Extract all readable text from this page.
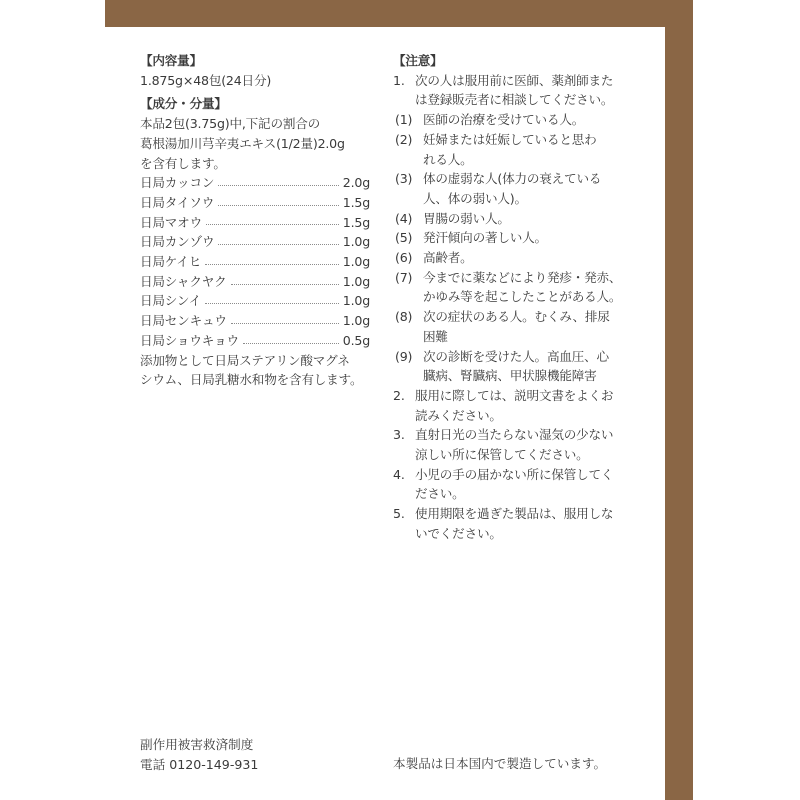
【内容量】
1.875g×48包(24日分)
【成分・分量】
本品2包(3.75g)中,下記の割合の
葛根湯加川芎辛夷エキス(1/2量)2.0g
を含有します。
日局カッコン	2.0g
日局タイソウ	1.5g
日局マオウ	1.5g
日局カンゾウ	1.0g
日局ケイヒ	1.0g
日局シャクヤク	1.0g
日局シンイ	1.0g
日局センキュウ	1.0g
日局ショウキョウ	0.5g
添加物として日局ステアリン酸マグネ
シウム、日局乳糖水和物を含有します。
【注意】
1. 次の人は服用前に医師、薬剤師また
は登録販売者に相談してください。
(1) 医師の治療を受けている人。
(2) 妊婦または妊娠していると思わ
れる人。
(3) 体の虚弱な人(体力の衰えている
人、体の弱い人)。
(4) 胃腸の弱い人。
(5) 発汗傾向の著しい人。
(6) 高齢者。
(7) 今までに薬などにより発疹・発赤、
かゆみ等を起こしたことがある人。
(8) 次の症状のある人。むくみ、排尿
困難
(9) 次の診断を受けた人。高血圧、心
臓病、腎臓病、甲状腺機能障害
2. 服用に際しては、説明文書をよくお
読みください。
3. 直射日光の当たらない湿気の少ない
涼しい所に保管してください。
4. 小児の手の届かない所に保管してく
ださい。
5. 使用期限を過ぎた製品は、服用しな
いでください。
副作用被害救済制度
電話 0120-149-931	本製品は日本国内で製造しています。
